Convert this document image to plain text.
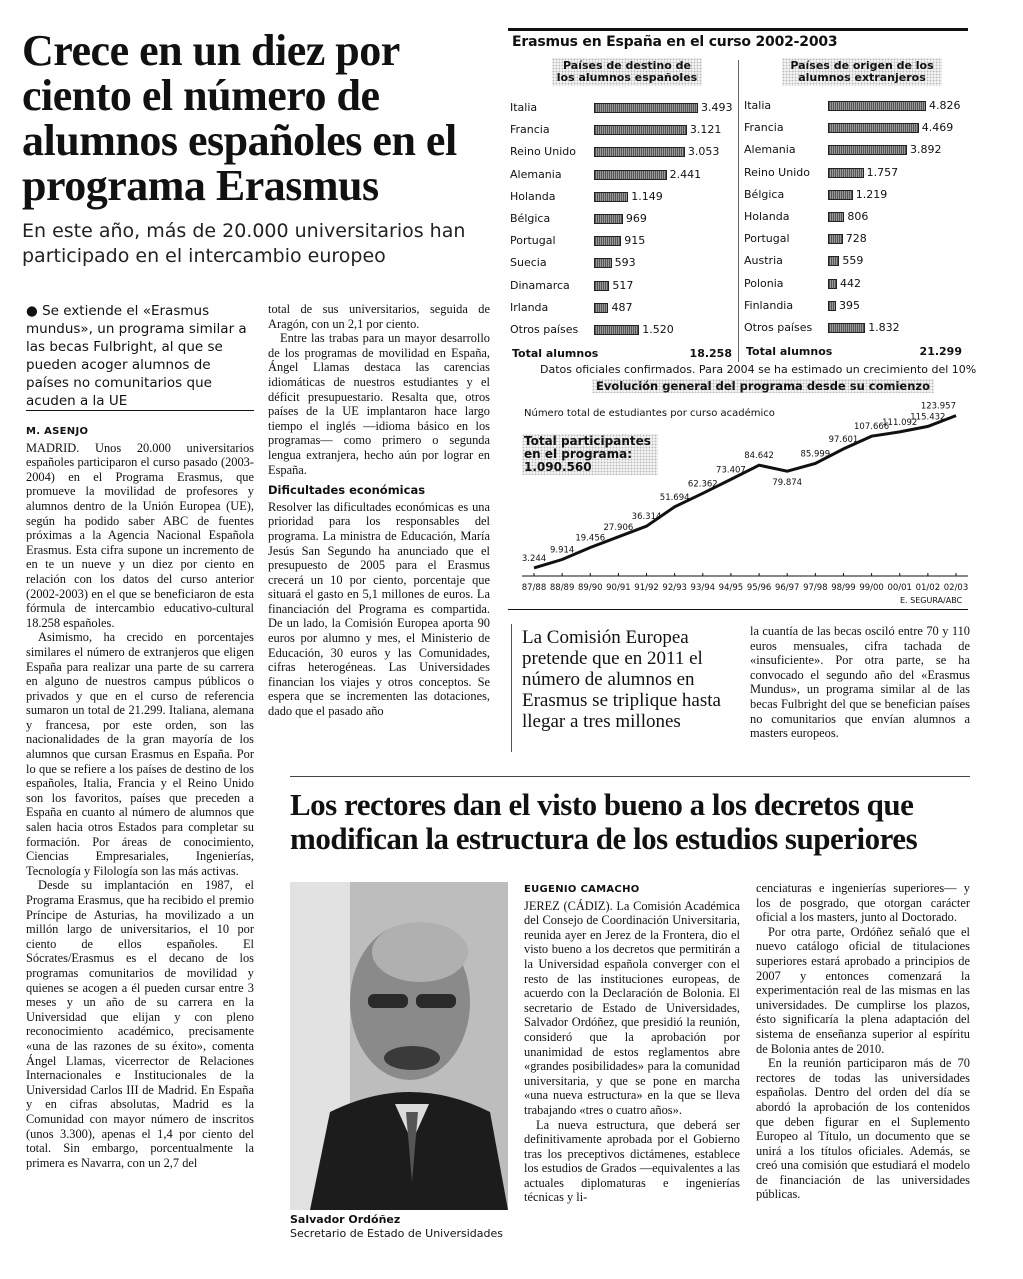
Crece en un diez por ciento el número de alumnos españoles en el programa Erasmus

En este año, más de 20.000 universitarios han participado en el intercambio europeo

● Se extiende el «Erasmus mundus», un programa similar a las becas Fulbright, al que se pueden acoger alumnos de países no comunitarios que acuden a la UE
M. ASENJO

MADRID. Unos 20.000 universitarios españoles participaron el curso pasado (2003-2004) en el Programa Erasmus, que promueve la movilidad de profesores y alumnos dentro de la Unión Europea (UE), según ha podido saber ABC de fuentes próximas a la Agencia Nacional Española Erasmus. Esta cifra supone un incremento de en te un nueve y un diez por ciento en relación con los datos del curso anterior (2002-2003) en el que se beneficiaron de esta fórmula de intercambio educativo-cultural 18.258 españoles.

Asimismo, ha crecido en porcentajes similares el número de extranjeros que eligen España para realizar una parte de su carrera en alguno de nuestros campus públicos o privados y que en el curso de referencia sumaron un total de 21.299. Italiana, alemana y francesa, por este orden, son las nacionalidades de la gran mayoría de los alumnos que cursan Erasmus en España. Por lo que se refiere a los países de destino de los españoles, Italia, Francia y el Reino Unido son los favoritos, países que preceden a España en cuanto al número de alumnos que salen hacia otros Estados para completar su formación. Por áreas de conocimiento, Ciencias Empresariales, Ingenierías, Tecnología y Filología son las más activas.

Desde su implantación en 1987, el Programa Erasmus, que ha recibido el premio Príncipe de Asturias, ha movilizado a un millón largo de universitarios, el 10 por ciento de ellos españoles. El Sócrates/Erasmus es el decano de los programas comunitarios de movilidad y quienes se acogen a él pueden cursar entre 3 meses y un año de su carrera en la Universidad que elijan y con pleno reconocimiento académico, precisamente «una de las razones de su éxito», comenta Ángel Llamas, vicerrector de Relaciones Internacionales e Institucionales de la Universidad Carlos III de Madrid. En España y en cifras absolutas, Madrid es la Comunidad con mayor número de inscritos (unos 3.300), apenas el 1,4 por ciento del total. Sin embargo, porcentualmente la primera es Navarra, con un 2,7 del

total de sus universitarios, seguida de Aragón, con un 2,1 por ciento.

Entre las trabas para un mayor desarrollo de los programas de movilidad en España, Ángel Llamas destaca las carencias idiomáticas de nuestros estudiantes y el déficit presupuestario. Resalta que, otros países de la UE implantaron hace largo tiempo el inglés —idioma básico en los programas— como primero o segunda lengua extranjera, hecho aún por lograr en España.

Dificultades económicas

Resolver las dificultades económicas es una prioridad para los responsables del programa. La ministra de Educación, María Jesús San Segundo ha anunciado que el presupuesto de 2005 para el Erasmus crecerá un 10 por ciento, porcentaje que situará el gasto en 5,1 millones de euros. La financiación del Programa es compartida. De un lado, la Comisión Europea aporta 90 euros por alumno y mes, el Ministerio de Educación, 30 euros y las Comunidades, cifras heterogéneas. Las Universidades financian los viajes y otros conceptos. Se espera que se incrementen las dotaciones, dado que el pasado año

Erasmus en España en el curso 2002-2003
Países de destino de los alumnos españoles
Países de origen de los alumnos extranjeros
Italia	3.493
Francia	3.121
Reino Unido	3.053
Alemania	2.441
Holanda	1.149
Bélgica	969
Portugal	915
Suecia	593
Dinamarca	517
Irlanda	487
Otros países	1.520
Italia	4.826
Francia	4.469
Alemania	3.892
Reino Unido	1.757
Bélgica	1.219
Holanda	806
Portugal	728
Austria	559
Polonia	442
Finlandia	395
Otros países	1.832
Total alumnos	18.258 Total alumnos	21.299
Datos oficiales confirmados. Para 2004 se ha estimado un crecimiento del 10%
Evolución general del programa desde su comienzo
Número total de estudiantes por curso académico
Total participantes en el programa: 1.090.560
3.244
87/88
9.914
88/89
19.456
89/90
27.906
90/91
36.314
91/92
51.694
92/93
62.362
93/94
73.407
94/95
84.642
95/96
79.874
96/97
85.999
97/98
97.601
98/99
107.666
99/00
111.092
00/01
115.432
01/02
123.957
02/03
E. SEGURA/ABC

La Comisión Europea pretende que en 2011 el número de alumnos en Erasmus se triplique hasta llegar a tres millones

la cuantía de las becas osciló entre 70 y 110 euros mensuales, cifra tachada de «insuficiente». Por otra parte, se ha convocado el segundo año del «Erasmus Mundus», un programa similar al de las becas Fulbright del que se benefician países no comunitarios que envían alumnos a masters europeos.

Los rectores dan el visto bueno a los decretos que modifican la estructura de los estudios superiores
Salvador Ordóñez
Secretario de Estado de Universidades
EUGENIO CAMACHO

JEREZ (CÁDIZ). La Comisión Académica del Consejo de Coordinación Universitaria, reunida ayer en Jerez de la Frontera, dio el visto bueno a los decretos que permitirán a la Universidad española converger con el resto de las instituciones europeas, de acuerdo con la Declaración de Bolonia. El secretario de Estado de Universidades, Salvador Ordóñez, que presidió la reunión, consideró que la aprobación por unanimidad de estos reglamentos abre «grandes posibilidades» para la comunidad universitaria, y que se pone en marcha «una nueva estructura» en la que se lleva trabajando «tres o cuatro años».

La nueva estructura, que deberá ser definitivamente aprobada por el Gobierno tras los preceptivos dictámenes, establece los estudios de Grados —equivalentes a las actuales diplomaturas e ingenierías técnicas y li-

cenciaturas e ingenierías superiores— y los de posgrado, que otorgan carácter oficial a los masters, junto al Doctorado.

Por otra parte, Ordóñez señaló que el nuevo catálogo oficial de titulaciones superiores estará aprobado a principios de 2007 y entonces comenzará la experimentación real de las mismas en las universidades. De cumplirse los plazos, ésto significaría la plena adaptación del sistema de enseñanza superior al espíritu de Bolonia antes de 2010.

En la reunión participaron más de 70 rectores de todas las universidades españolas. Dentro del orden del día se abordó la aprobación de los contenidos que deben figurar en el Suplemento Europeo al Título, un documento que se unirá a los títulos oficiales. Además, se creó una comisión que estudiará el modelo de financiación de las universidades públicas.
